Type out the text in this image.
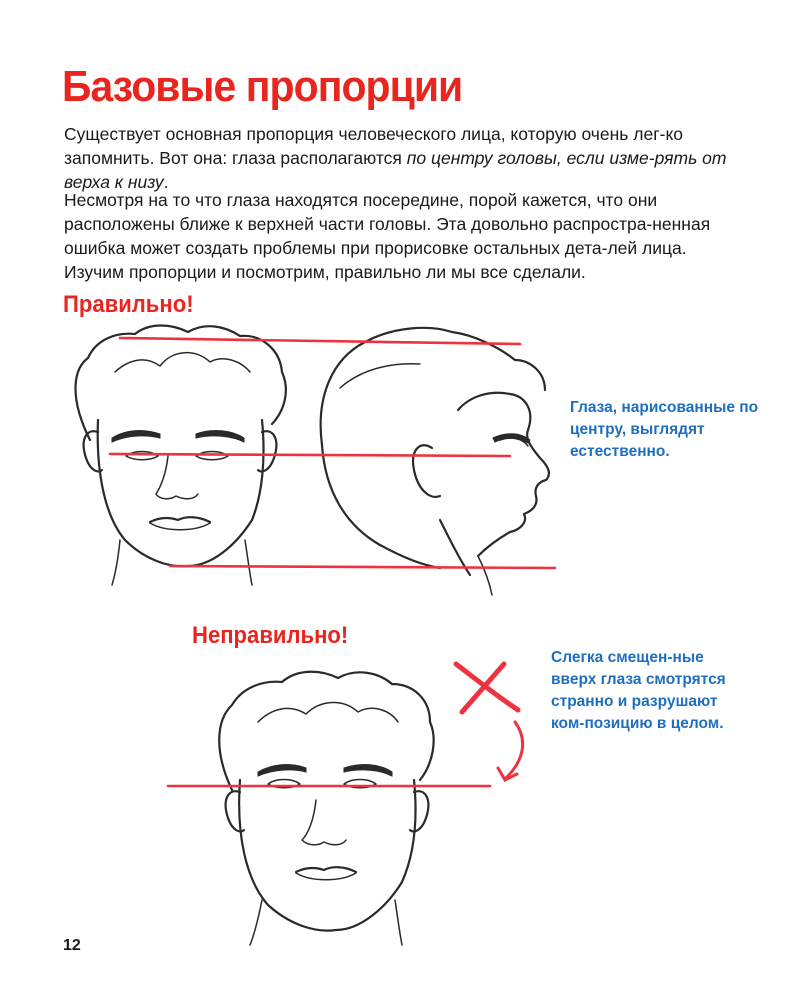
Базовые пропорции

Существует основная пропорция человеческого лица, которую очень лег-ко запомнить. Вот она: глаза располагаются по центру головы, если изме-рять от верха к низу.

Несмотря на то что глаза находятся посередине, порой кажется, что они расположены ближе к верхней части головы. Эта довольно распростра-ненная ошибка может создать проблемы при прорисовке остальных дета-лей лица. Изучим пропорции и посмотрим, правильно ли мы все сделали.

Правильно!

Глаза, нарисованные по центру, выглядят естественно.

Неправильно!

Слегка смещен-ные вверх глаза смотрятся странно и разрушают ком-позицию в целом.

12
